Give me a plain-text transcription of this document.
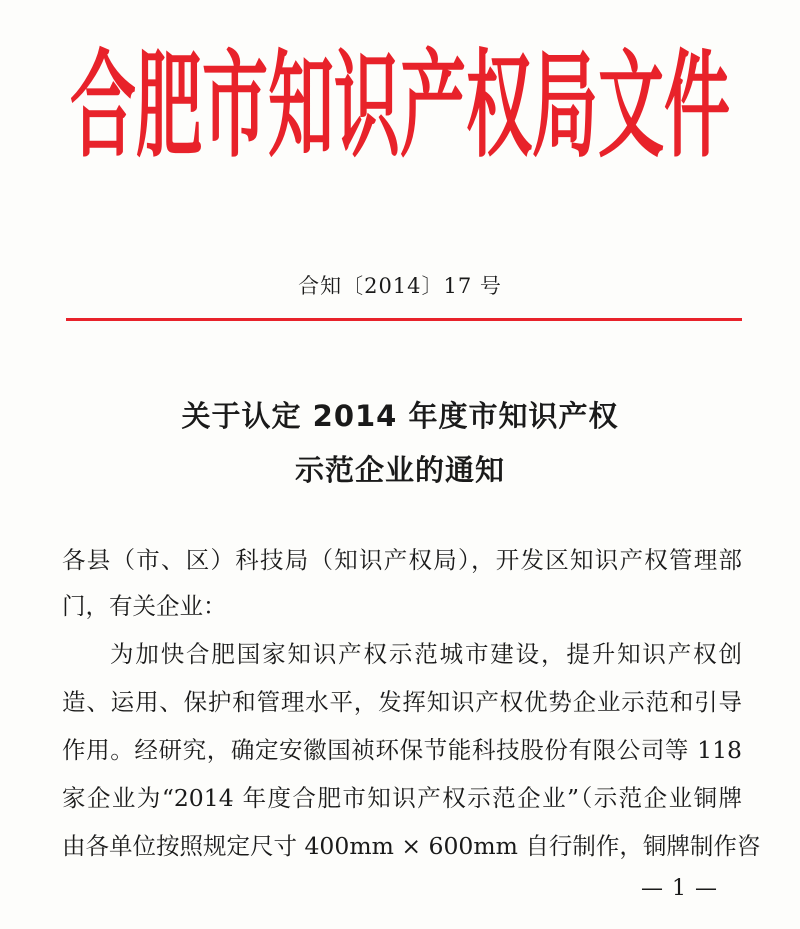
合肥市知识产权局文件
合知〔2014〕17 号
关于认定 2014 年度市知识产权
示范企业的通知
各县（市、区）科技局（知识产权局），开发区知识产权管理部
门，有关企业：
为加快合肥国家知识产权示范城市建设，提升知识产权创
造、运用、保护和管理水平，发挥知识产权优势企业示范和引导
作用。经研究，确定安徽国祯环保节能科技股份有限公司等 118
家企业为“2014 年度合肥市知识产权示范企业”（示范企业铜牌
由各单位按照规定尺寸 400mm × 600mm 自行制作，铜牌制作咨
— 1 —
